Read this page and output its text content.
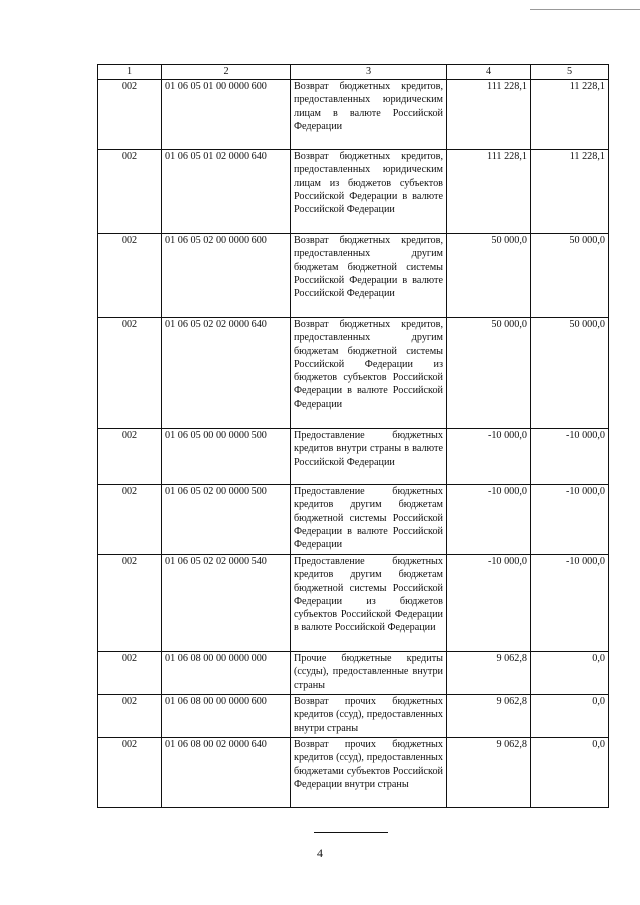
1	2	3	4	5
002	01 06 05 01 00 0000 600	Возврат бюджетных кредитов, предоставленных юридическим лицам в валюте Российской Федерации	111 228,1	11 228,1
002	01 06 05 01 02 0000 640	Возврат бюджетных кредитов, предоставленных юридическим лицам из бюджетов субъектов Российской Федерации в валюте Российской Федерации	111 228,1	11 228,1
002	01 06 05 02 00 0000 600	Возврат бюджетных кредитов, предоставленных другим бюджетам бюджетной системы Российской Федерации в валюте Российской Федерации	50 000,0	50 000,0
002	01 06 05 02 02 0000 640	Возврат бюджетных кредитов, предоставленных другим бюджетам бюджетной системы Российской Федерации из бюджетов субъектов Российской Федерации в валюте Российской Федерации	50 000,0	50 000,0
002	01 06 05 00 00 0000 500	Предоставление бюджетных кредитов внутри страны в валюте Российской Федерации	-10 000,0	-10 000,0
002	01 06 05 02 00 0000 500	Предоставление бюджетных кредитов другим бюджетам бюджетной системы Российской Федерации в валюте Российской Федерации	-10 000,0	-10 000,0
002	01 06 05 02 02 0000 540	Предоставление бюджетных кредитов другим бюджетам бюджетной системы Российской Федерации из бюджетов субъектов Российской Федерации в валюте Российской Федерации	-10 000,0	-10 000,0
002	01 06 08 00 00 0000 000	Прочие бюджетные кредиты (ссуды), предоставленные внутри страны	9 062,8	0,0
002	01 06 08 00 00 0000 600	Возврат прочих бюджетных кредитов (ссуд), предоставленных внутри страны	9 062,8	0,0
002	01 06 08 00 02 0000 640	Возврат прочих бюджетных кредитов (ссуд), предоставленных бюджетами субъектов Российской Федерации внутри страны	9 062,8	0,0
4
